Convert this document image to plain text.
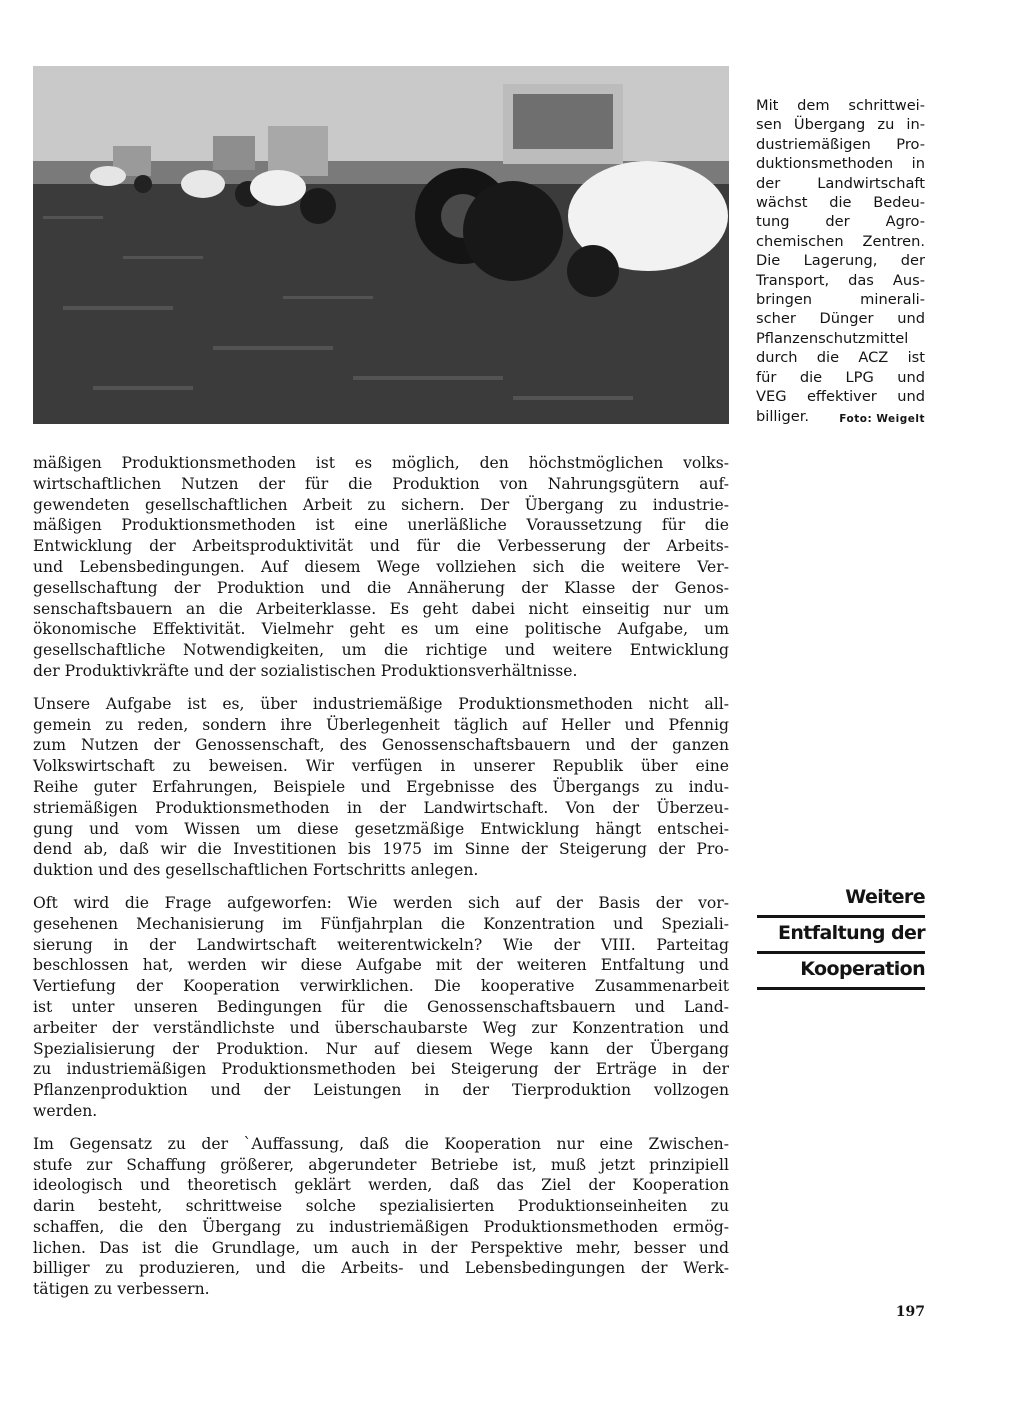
Mit dem schrittwei-
sen Übergang zu in-
dustriemäßigen Pro-
duktionsmethoden in
der Landwirtschaft
wächst die Bedeu-
tung der Agro-
chemischen Zentren.
Die Lagerung, der
Transport, das Aus-
bringen minerali-
scher Dünger und
Pflanzenschutzmittel
durch die ACZ ist
für die LPG und
VEG effektiver und
billiger.	Foto: Weigelt

mäßigen Produktionsmethoden ist es möglich, den höchstmöglichen volks-
wirtschaftlichen Nutzen der für die Produktion von Nahrungsgütern auf-
gewendeten gesellschaftlichen Arbeit zu sichern. Der Übergang zu industrie-
mäßigen Produktionsmethoden ist eine unerläßliche Voraussetzung für die
Entwicklung der Arbeitsproduktivität und für die Verbesserung der Arbeits-
und Lebensbedingungen. Auf diesem Wege vollziehen sich die weitere Ver-
gesellschaftung der Produktion und die Annäherung der Klasse der Genos-
senschaftsbauern an die Arbeiterklasse. Es geht dabei nicht einseitig nur um
ökonomische Effektivität. Vielmehr geht es um eine politische Aufgabe, um
gesellschaftliche Notwendigkeiten, um die richtige und weitere Entwicklung
der Produktivkräfte und der sozialistischen Produktionsverhältnisse.

Unsere Aufgabe ist es, über industriemäßige Produktionsmethoden nicht all-
gemein zu reden, sondern ihre Überlegenheit täglich auf Heller und Pfennig
zum Nutzen der Genossenschaft, des Genossenschaftsbauern und der ganzen
Volkswirtschaft zu beweisen. Wir verfügen in unserer Republik über eine
Reihe guter Erfahrungen, Beispiele und Ergebnisse des Übergangs zu indu-
striemäßigen Produktionsmethoden in der Landwirtschaft. Von der Überzeu-
gung und vom Wissen um diese gesetzmäßige Entwicklung hängt entschei-
dend ab, daß wir die Investitionen bis 1975 im Sinne der Steigerung der Pro-
duktion und des gesellschaftlichen Fortschritts anlegen.

Oft wird die Frage aufgeworfen: Wie werden sich auf der Basis der vor-
gesehenen Mechanisierung im Fünfjahrplan die Konzentration und Speziali-
sierung in der Landwirtschaft weiterentwickeln? Wie der VIII. Parteitag
beschlossen hat, werden wir diese Aufgabe mit der weiteren Entfaltung und
Vertiefung der Kooperation verwirklichen. Die kooperative Zusammenarbeit
ist unter unseren Bedingungen für die Genossenschaftsbauern und Land-
arbeiter der verständlichste und überschaubarste Weg zur Konzentration und
Spezialisierung der Produktion. Nur auf diesem Wege kann der Übergang
zu industriemäßigen Produktionsmethoden bei Steigerung der Erträge in der
Pflanzenproduktion und der Leistungen in der Tierproduktion vollzogen
werden.

Im Gegensatz zu der `Auffassung, daß die Kooperation nur eine Zwischen-
stufe zur Schaffung größerer, abgerundeter Betriebe ist, muß jetzt prinzipiell
ideologisch und theoretisch geklärt werden, daß das Ziel der Kooperation
darin besteht, schrittweise solche spezialisierten Produktionseinheiten zu
schaffen, die den Übergang zu industriemäßigen Produktionsmethoden ermög-
lichen. Das ist die Grundlage, um auch in der Perspektive mehr, besser und
billiger zu produzieren, und die Arbeits- und Lebensbedingungen der Werk-
tätigen zu verbessern.

Weitere
Entfaltung der
Kooperation
197
